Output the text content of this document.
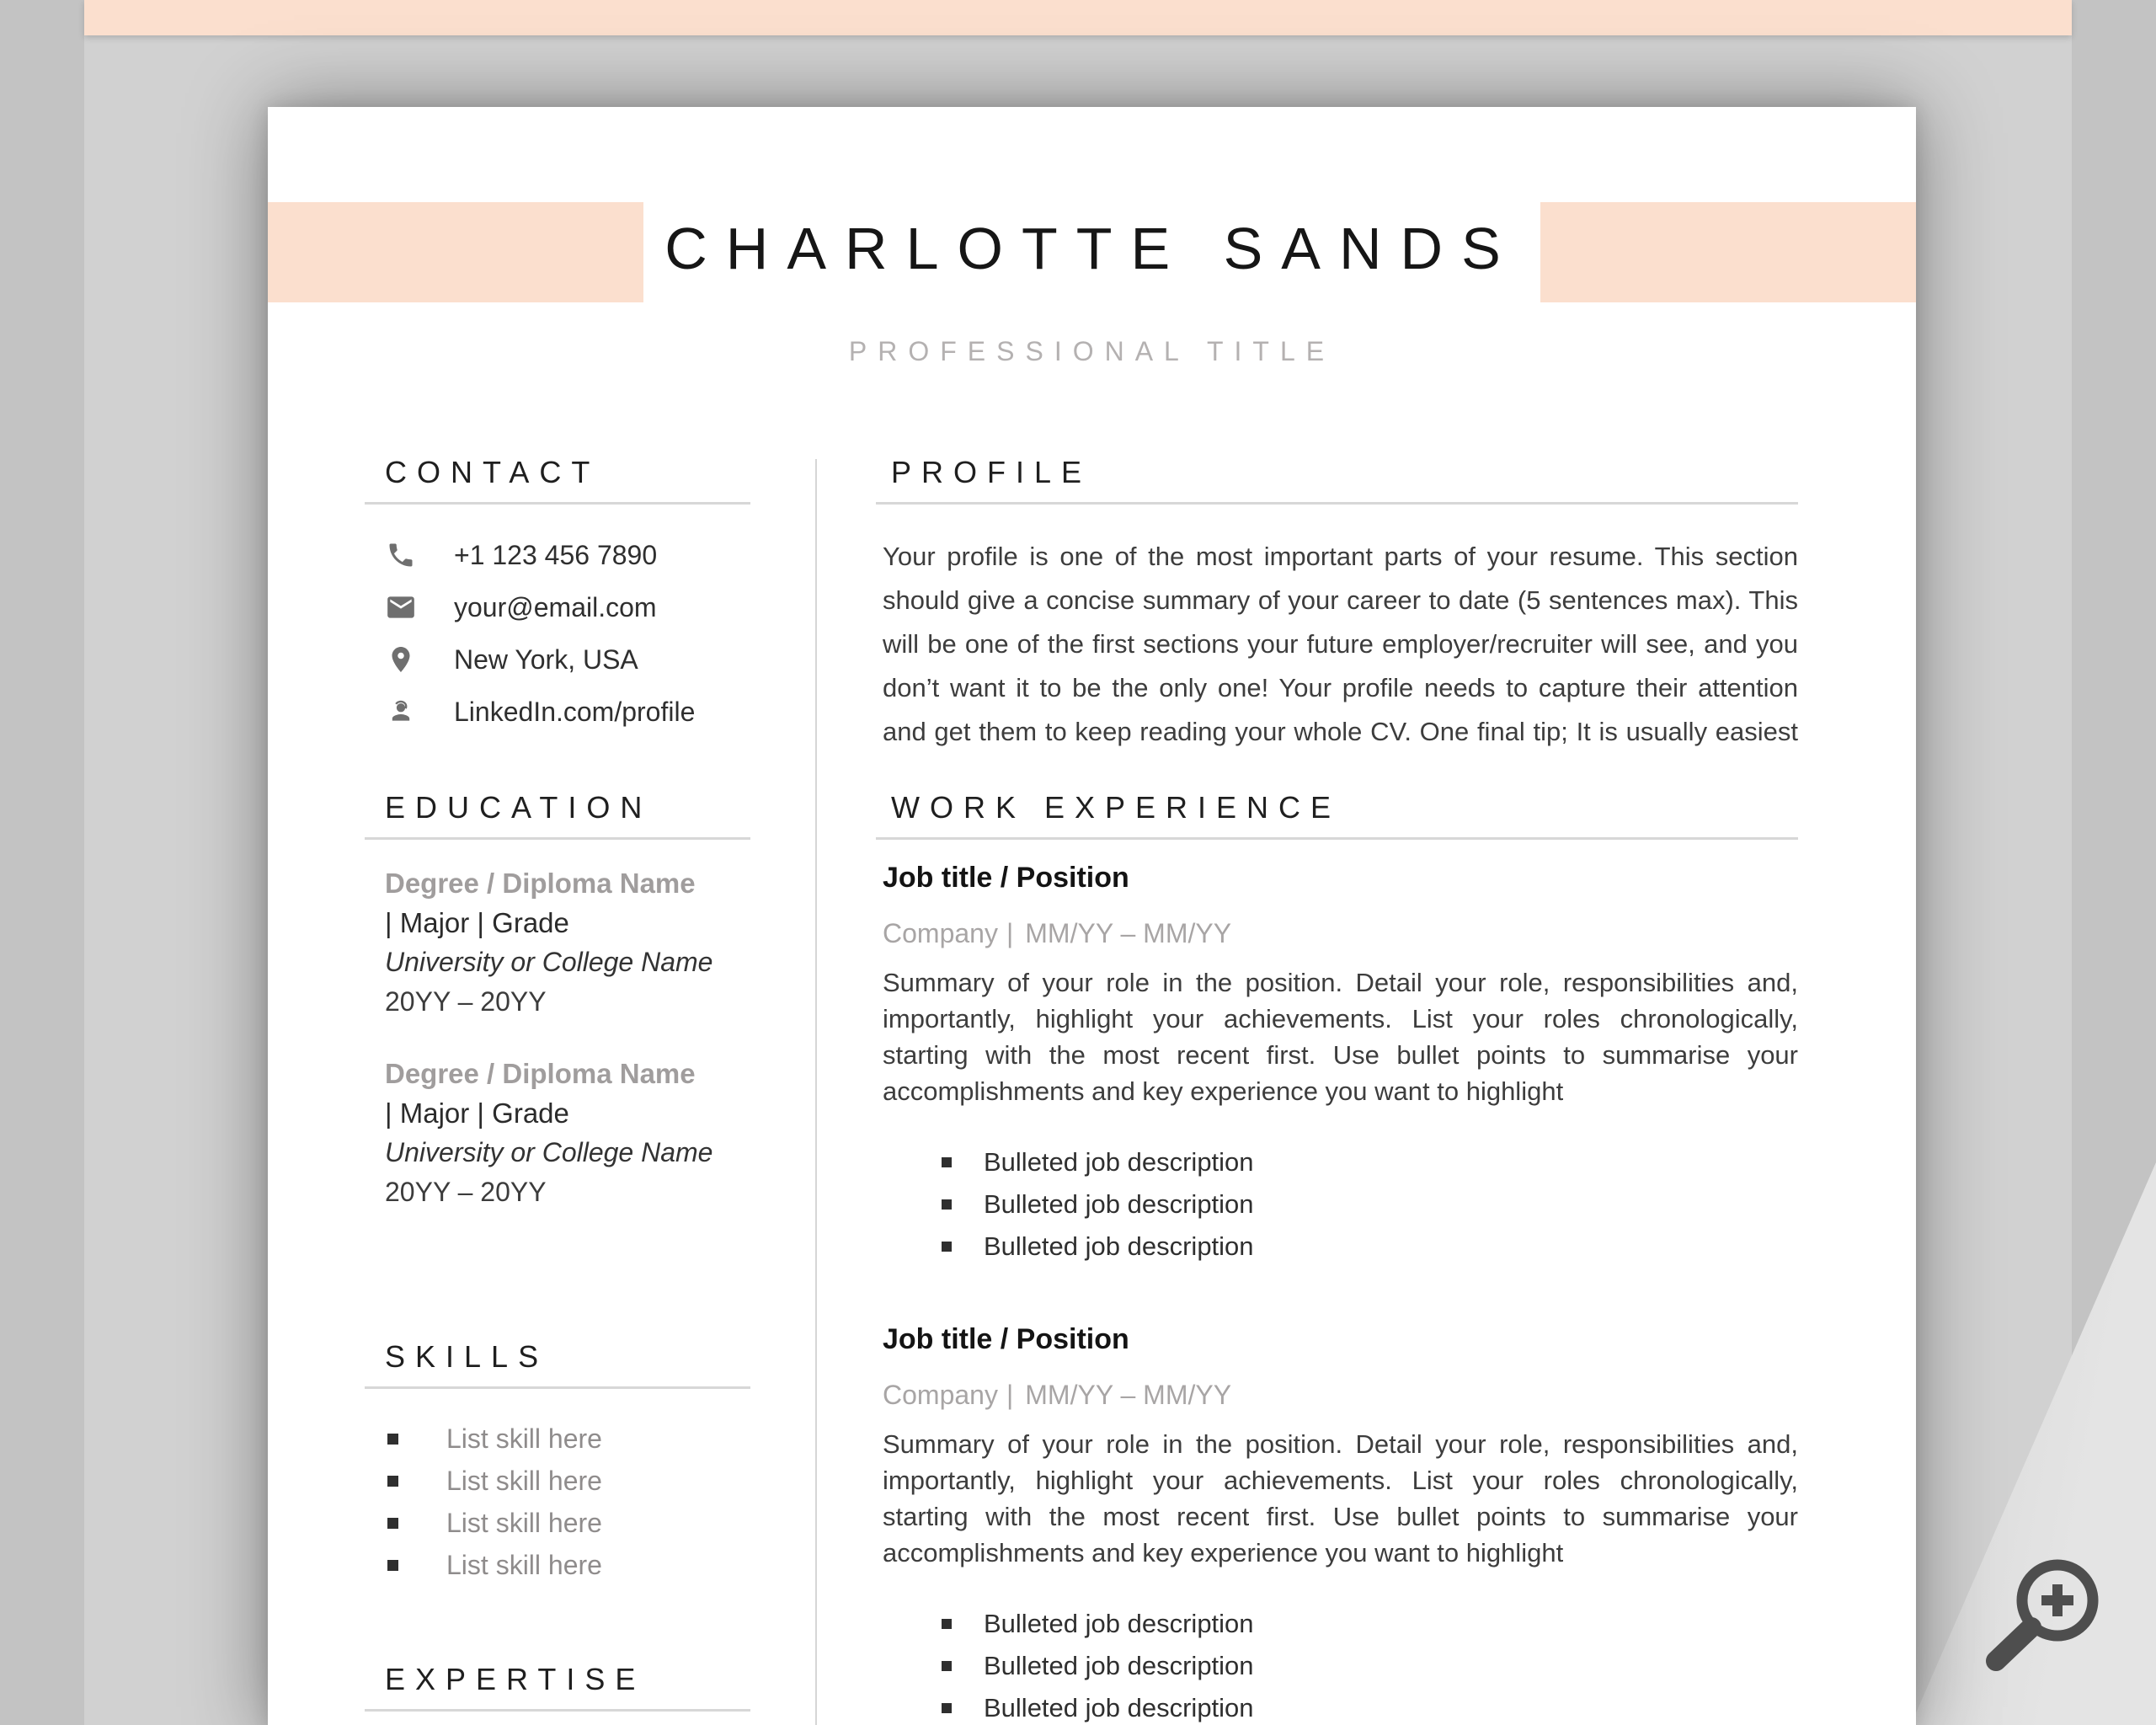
CHARLOTTE SANDS
PROFESSIONAL TITLE
CONTACT
+1 123 456 7890
your@email.com
New York, USA
LinkedIn.com/profile
EDUCATION
Degree / Diploma Name
| Major | Grade
University or College Name
20YY – 20YY
Degree / Diploma Name
| Major | Grade
University or College Name
20YY – 20YY
SKILLS
List skill here
List skill here
List skill here
List skill here
EXPERTISE
PROFILE
Your profile is one of the most important parts of your resume. This section should give a concise summary of your career to date (5 sentences max). This will be one of the first sections your future employer/recruiter will see, and you don’t want it to be the only one! Your profile needs to capture their attention and get them to keep reading your whole CV. One final tip; It is usually easiest
WORK EXPERIENCE
Job title / Position
Company | MM/YY – MM/YY
Summary of your role in the position. Detail your role, responsibilities and, importantly, highlight your achievements. List your roles chronologically, starting with the most recent first. Use bullet points to summarise your accomplishments and key experience you want to highlight
Bulleted job description
Bulleted job description
Bulleted job description
Job title / Position
Company | MM/YY – MM/YY
Summary of your role in the position. Detail your role, responsibilities and, importantly, highlight your achievements. List your roles chronologically, starting with the most recent first. Use bullet points to summarise your accomplishments and key experience you want to highlight
Bulleted job description
Bulleted job description
Bulleted job description
